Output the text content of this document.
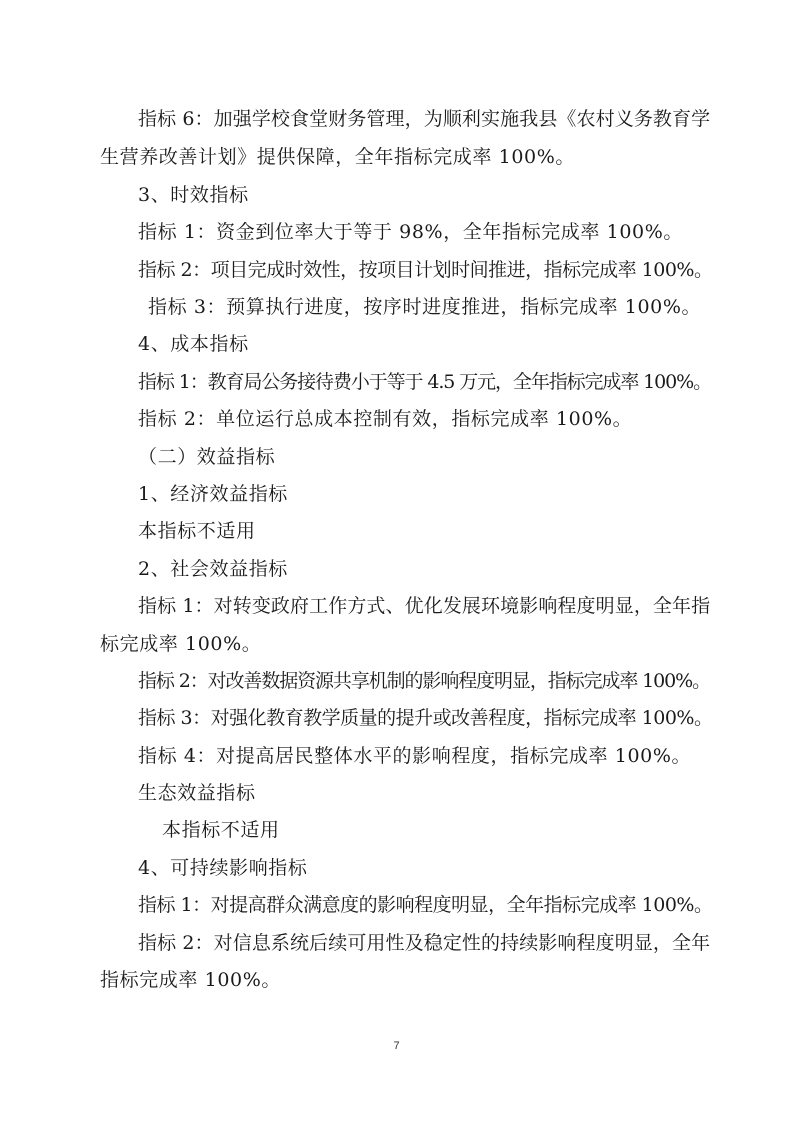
指标 6：加强学校食堂财务管理，为顺利实施我县《农村义务教育学
生营养改善计划》提供保障，全年指标完成率 100%。
3、时效指标
指标 1：资金到位率大于等于 98%，全年指标完成率 100%。
指标 2：项目完成时效性，按项目计划时间推进，指标完成率 100%。
指标 3：预算执行进度，按序时进度推进，指标完成率 100%。
4、成本指标
指标 1：教育局公务接待费小于等于 4.5 万元，全年指标完成率 100%。
指标 2：单位运行总成本控制有效，指标完成率 100%。
（二）效益指标
1、经济效益指标
本指标不适用
2、社会效益指标
指标 1：对转变政府工作方式、优化发展环境影响程度明显，全年指
标完成率 100%。
指标 2：对改善数据资源共享机制的影响程度明显，指标完成率 100%。
指标 3：对强化教育教学质量的提升或改善程度，指标完成率 100%。
指标 4：对提高居民整体水平的影响程度，指标完成率 100%。
生态效益指标
本指标不适用
4、可持续影响指标
指标 1：对提高群众满意度的影响程度明显，全年指标完成率 100%。
指标 2：对信息系统后续可用性及稳定性的持续影响程度明显，全年
指标完成率 100%。
7
